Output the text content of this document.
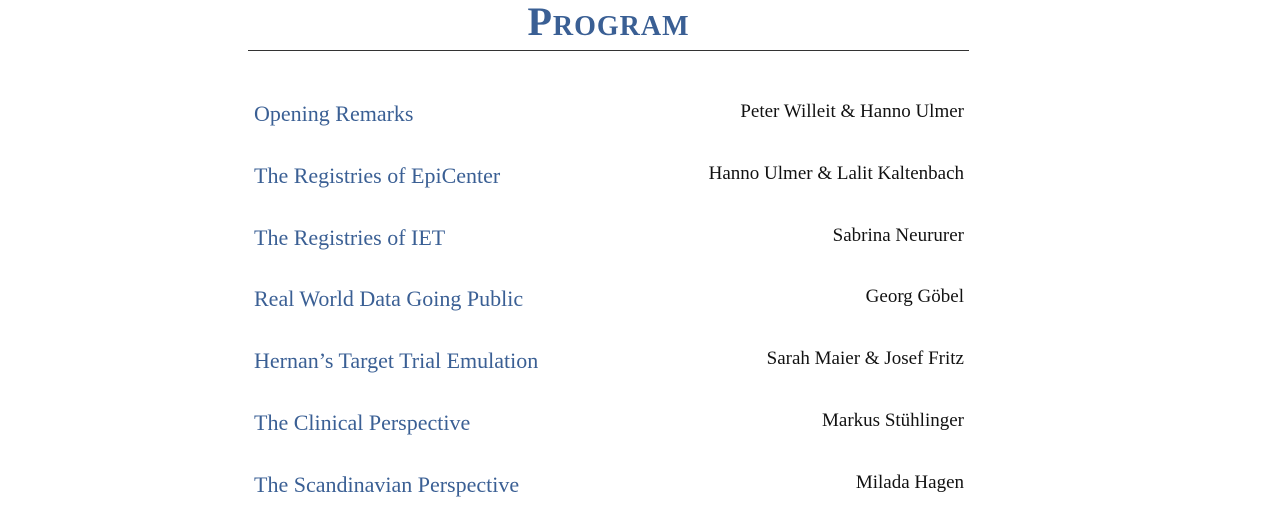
Program
Opening Remarks	Peter Willeit & Hanno Ulmer
The Registries of EpiCenter	Hanno Ulmer & Lalit Kaltenbach
The Registries of IET	Sabrina Neururer
Real World Data Going Public	Georg Göbel
Hernan’s Target Trial Emulation	Sarah Maier & Josef Fritz
The Clinical Perspective	Markus Stühlinger
The Scandinavian Perspective	Milada Hagen
